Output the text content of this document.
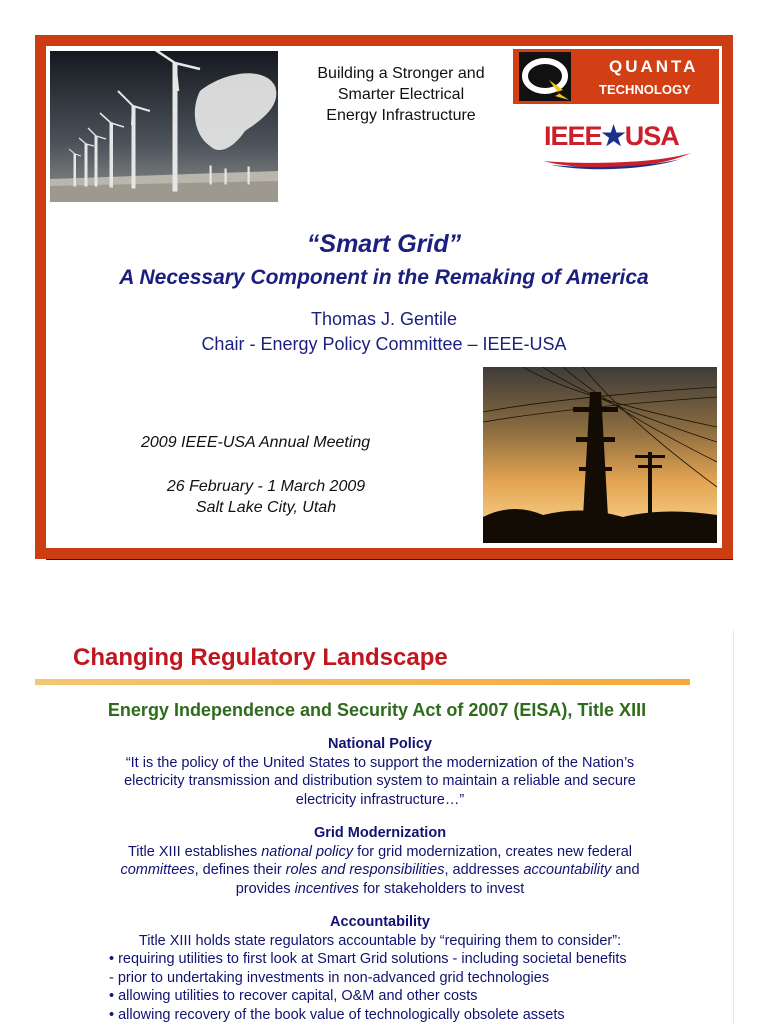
Building a Stronger and
Smarter Electrical
Energy Infrastructure
QUANTA
TECHNOLOGY
IEEE★USA
“Smart Grid”
A Necessary Component in the Remaking of America
Thomas J. Gentile
Chair - Energy Policy Committee – IEEE-USA
2009 IEEE-USA Annual Meeting
26 February - 1 March 2009
Salt Lake City, Utah
Changing Regulatory Landscape
Energy Independence and Security Act of 2007 (EISA), Title XIII
National Policy
“It is the policy of the United States to support the modernization of the Nation’s
electricity transmission and distribution system to maintain a reliable and secure
electricity infrastructure…”
Grid Modernization
Title XIII establishes national policy for grid modernization, creates new federal
committees, defines their roles and responsibilities, addresses accountability and
provides incentives for stakeholders to invest
Accountability
Title XIII holds state regulators accountable by “requiring them to consider”:
• requiring utilities to first look at Smart Grid solutions - including societal benefits
- prior to undertaking investments in non-advanced grid technologies
• allowing utilities to recover capital, O&M and other costs
• allowing recovery of the book value of technologically obsolete assets
